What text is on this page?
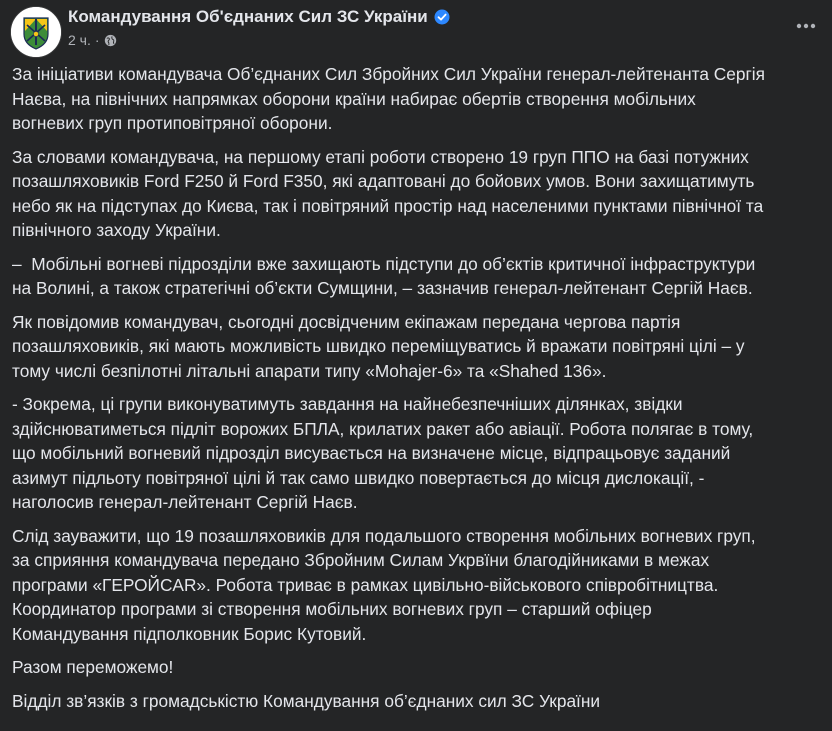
Командування Об'єднаних Сил ЗС України
2 ч. ·

За ініціативи командувача Об’єднаних Сил Збройних Сил України генерал-лейтенанта Сергія
Наєва, на північних напрямках оборони країни набирає обертів створення мобільних
вогневих груп протиповітряної оборони.

За словами командувача, на першому етапі роботи створено 19 груп ППО на базі потужних
позашляховиків Ford F250 й Ford F350, які адаптовані до бойових умов. Вони захищатимуть
небо як на підступах до Києва, так і повітряний простір над населеними пунктами північної та
північного заходу України.

–  Мобільні вогневі підрозділи вже захищають підступи до об’єктів критичної інфраструктури
на Волині, а також стратегічні об’єкти Сумщини, – зазначив генерал-лейтенант Сергій Наєв.

Як повідомив командувач, сьогодні досвідченим екіпажам передана чергова партія
позашляховиків, які мають можливість швидко переміщуватись й вражати повітряні цілі – у
тому числі безпілотні літальні апарати типу «Mohajer-6» та «Shahed 136».

- Зокрема, ці групи виконуватимуть завдання на найнебезпечніших ділянках, звідки
здійснюватиметься підліт ворожих БПЛА, крилатих ракет або авіації. Робота полягає в тому,
що мобільний вогневий підрозділ висувається на визначене місце, відпрацьовує заданий
азимут підльоту повітряної цілі й так само швидко повертається до місця дислокації, -
наголосив генерал-лейтенант Сергій Наєв.

Слід зауважити, що 19 позашляховиків для подальшого створення мобільних вогневих груп,
за сприяння командувача передано Збройним Силам Укрвїни благодійниками в межах
програми «ГЕРОЙCAR». Робота триває в рамках цивільно-військового співробітництва.
Координатор програми зі створення мобільних вогневих груп – старший офіцер
Командування підполковник Борис Кутовий.

Разом переможемо!

Відділ зв’язків з громадськістю Командування об’єднаних сил ЗС України
